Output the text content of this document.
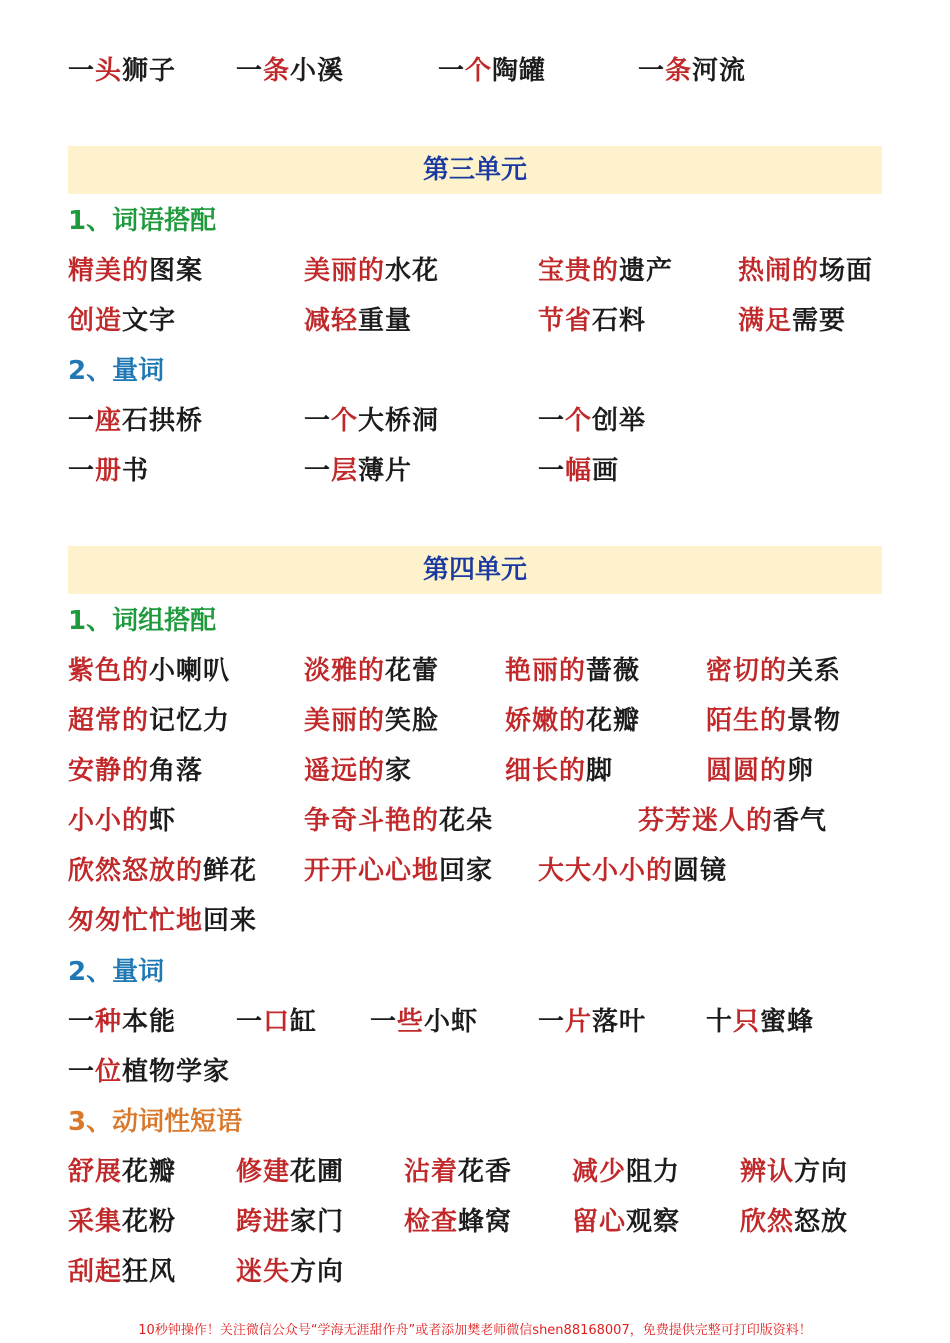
一头狮子 一条小溪	一个陶罐	一条河流
精美的图案	美丽的水花	宝贵的遗产 热闹的场面
创造文字	减轻重量	节省石料	满足需要
一座石拱桥	一个大桥洞	一个创举
一册书	一层薄片	一幅画
紫色的小喇叭	淡雅的花蕾	艳丽的蔷薇	密切的关系
超常的记忆力	美丽的笑脸	娇嫩的花瓣	陌生的景物
安静的角落	遥远的家	细长的脚	圆圆的卵
小小的虾	争奇斗艳的花朵	芬芳迷人的香气
欣然怒放的鲜花 开开心心地回家 大大小小的圆镜
匆匆忙忙地回来
一种本能 一口缸 一些小虾 一片落叶 十只蜜蜂
一位植物学家
舒展花瓣 修建花圃 沾着花香 减少阻力 辨认方向
采集花粉 跨进家门 检查蜂窝 留心观察 欣然怒放
刮起狂风 迷失方向
第三单元
1、词语搭配
2、量词
第四单元
1、词组搭配
2、量词
3、动词性短语
10秒钟操作！关注微信公众号“学海无涯甜作舟”或者添加樊老师微信shen88168007，免费提供完整可打印版资料！
